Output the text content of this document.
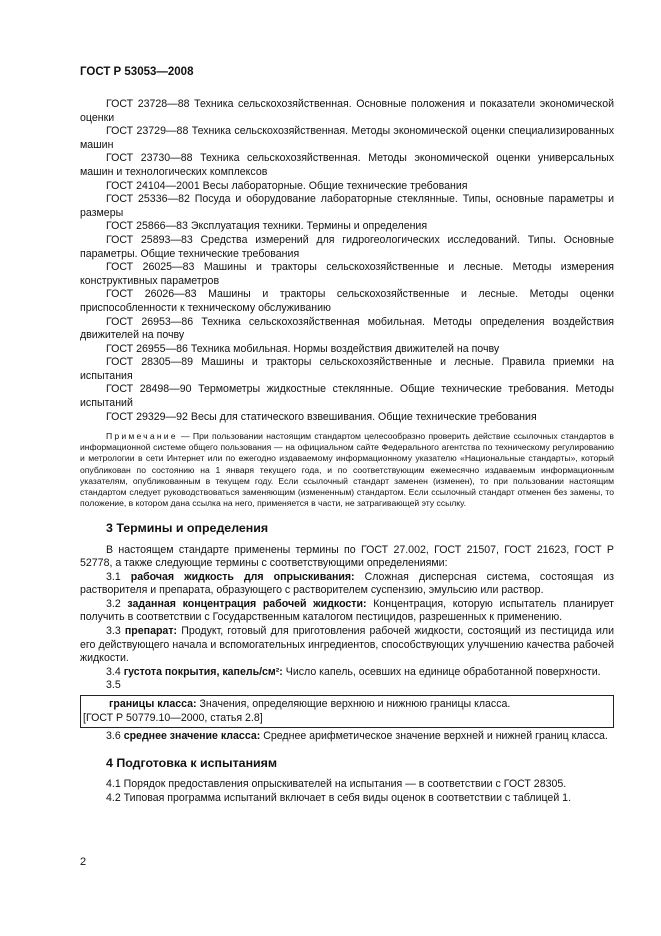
ГОСТ Р 53053—2008

ГОСТ 23728—88 Техника сельскохозяйственная. Основные положения и показатели экономической оценки

ГОСТ 23729—88 Техника сельскохозяйственная. Методы экономической оценки специализированных машин

ГОСТ 23730—88 Техника сельскохозяйственная. Методы экономической оценки универсальных машин и технологических комплексов

ГОСТ 24104—2001 Весы лабораторные. Общие технические требования

ГОСТ 25336—82 Посуда и оборудование лабораторные стеклянные. Типы, основные параметры и размеры

ГОСТ 25866—83 Эксплуатация техники. Термины и определения

ГОСТ 25893—83 Средства измерений для гидрогеологических исследований. Типы. Основные параметры. Общие технические требования

ГОСТ 26025—83 Машины и тракторы сельскохозяйственные и лесные. Методы измерения конструктивных параметров

ГОСТ 26026—83 Машины и тракторы сельскохозяйственные и лесные. Методы оценки приспособленности к техническому обслуживанию

ГОСТ 26953—86 Техника сельскохозяйственная мобильная. Методы определения воздействия движителей на почву

ГОСТ 26955—86 Техника мобильная. Нормы воздействия движителей на почву

ГОСТ 28305—89 Машины и тракторы сельскохозяйственные и лесные. Правила приемки на испытания

ГОСТ 28498—90 Термометры жидкостные стеклянные. Общие технические требования. Методы испытаний

ГОСТ 29329—92 Весы для статического взвешивания. Общие технические требования

Примечание — При пользовании настоящим стандартом целесообразно проверить действие ссылочных стандартов в информационной системе общего пользования — на официальном сайте Федерального агентства по техническому регулированию и метрологии в сети Интернет или по ежегодно издаваемому информационному указателю «Национальные стандарты», который опубликован по состоянию на 1 января текущего года, и по соответствующим ежемесячно издаваемым информационным указателям, опубликованным в текущем году. Если ссылочный стандарт заменен (изменен), то при пользовании настоящим стандартом следует руководствоваться заменяющим (измененным) стандартом. Если ссылочный стандарт отменен без замены, то положение, в котором дана ссылка на него, применяется в части, не затрагивающей эту ссылку.
3 Термины и определения

В настоящем стандарте применены термины по ГОСТ 27.002, ГОСТ 21507, ГОСТ 21623, ГОСТ Р 52778, а также следующие термины с соответствующими определениями:

3.1 рабочая жидкость для опрыскивания: Сложная дисперсная система, состоящая из растворителя и препарата, образующего с растворителем суспензию, эмульсию или раствор.

3.2 заданная концентрация рабочей жидкости: Концентрация, которую испытатель планирует получить в соответствии с Государственным каталогом пестицидов, разрешенных к применению.

3.3 препарат: Продукт, готовый для приготовления рабочей жидкости, состоящий из пестицида или его действующего начала и вспомогательных ингредиентов, способствующих улучшению качества рабочей жидкости.

3.4 густота покрытия, капель/см²: Число капель, осевших на единице обработанной поверхности.

3.5

границы класса: Значения, определяющие верхнюю и нижнюю границы класса.

[ГОСТ Р 50779.10—2000, статья 2.8]

3.6 среднее значение класса: Среднее арифметическое значение верхней и нижней границ класса.

4 Подготовка к испытаниям

4.1 Порядок предоставления опрыскивателей на испытания — в соответствии с ГОСТ 28305.

4.2 Типовая программа испытаний включает в себя виды оценок в соответствии с таблицей 1.

2
